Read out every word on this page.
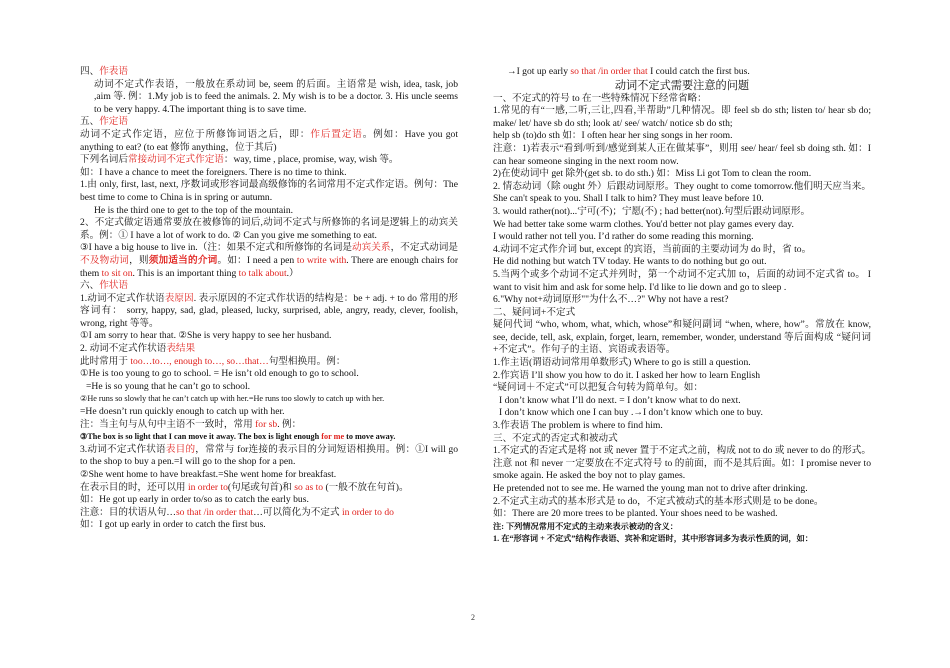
四、作表语

动词不定式作表语，一般放在系动词 be, seem 的后面。主语常是 wish, idea, task, job ,aim 等. 例：1.My job is to feed the animals. 2. My wish is to be a doctor. 3. His uncle seems to be very happy. 4.The important thing is to save time.

五、作定语

动词不定式作定语，应位于所修饰词语之后，即：作后置定语。例如：Have you got anything to eat? (to eat 修饰 anything，位于其后)

下列名词后常接动词不定式作定语：way, time , place, promise, way, wish 等。

如：I have a chance to meet the foreigners. There is no time to think.

1.由 only, first, last, next, 序数词或形容词最高级修饰的名词常用不定式作定语。例句：The best time to come to China is in spring or autumn.

He is the third one to get to the top of the mountain.

2、不定式做定语通常要放在被修饰的词后,动词不定式与所修饰的名词是逻辑上的动宾关系。例：① I have a lot of work to do. ② Can you give me something to eat.

③I have a big house to live in.（注：如果不定式和所修饰的名词是动宾关系，不定式动词是不及物动词，则须加适当的介词。如：I need a pen to write with. There are enough chairs for them to sit on. This is an important thing to talk about.）

六、作状语

1.动词不定式作状语表原因. 表示原因的不定式作状语的结构是：be + adj. + to do 常用的形容词有： sorry, happy, sad, glad, pleased, lucky, surprised, able, angry, ready, clever, foolish, wrong, right 等等。

①I am sorry to hear that. ②She is very happy to see her husband.

2. 动词不定式作状语表结果

此时常用于 too…to…, enough to…, so…that…句型相换用。例：

①He is too young to go to school. = He isn’t old enough to go to school.

=He is so young that he can’t go to school.

②He runs so slowly that he can’t catch up with her.=He runs too slowly to catch up with her.

=He doesn’t run quickly enough to catch up with her.

注：当主句与从句中主语不一致时，常用 for sb. 例：

③The box is so light that I can move it away. The box is light enough for me to move away.

3.动词不定式作状语表目的，常常与 for连接的表示目的分词短语相换用。例：①I will go to the shop to buy a pen.=I will go to the shop for a pen.

②She went home to have breakfast.=She went home for breakfast.

在表示目的时，还可以用 in order to(句尾或句首)和 so as to (一般不放在句首)。

如：He got up early in order to/so as to catch the early bus.

注意：目的状语从句…so that /in order that…可以简化为不定式 in order to do

如：I got up early in order to catch the first bus.

→I got up early so that /in order that I could catch the first bus.

动词不定式需要注意的问题

一、不定式的符号 to 在一些特殊情况下经常省略：

1.常见的有“一感,二听,三让,四看,半帮助”几种情况。即 feel sb do sth; listen to/ hear sb do; make/ let/ have sb do sth; look at/ see/ watch/ notice sb do sth;

help sb (to)do sth 如：I often hear her sing songs in her room.

注意：1)若表示“看到/听到/感觉到某人正在做某事”，则用 see/ hear/ feel sb doing sth. 如：I can hear someone singing in the next room now.

2)在使动词中 get 除外(get sb. to do sth.) 如：Miss Li got Tom to clean the room.

2. 情态动词（除 ought 外）后跟动词原形。They ought to come tomorrow.他们明天应当来。She can't speak to you. Shall I talk to him? They must leave before 10.

3. would rather(not)...宁可(不)；宁愿(不) ; had better(not).句型后跟动词原形。

We had better take some warm clothes. You'd better not play games every day.

I would rather not tell you. I’d rather do some reading this morning.

4.动词不定式作介词 but, except 的宾语，当前面的主要动词为 do 时，省 to。

He did nothing but watch TV today. He wants to do nothing but go out.

5.当两个或多个动词不定式并列时，第一个动词不定式加 to，后面的动词不定式省 to。 I want to visit him and ask for some help. I'd like to lie down and go to sleep .

6."Why not+动词原形""为什么不…?" Why not have a rest?

二、疑问词+不定式

疑问代词 “who, whom, what, which, whose”和疑问副词 “when, where, how”。常放在 know, see, decide, tell, ask, explain, forget, learn, remember, wonder, understand 等后面构成 “疑问词+不定式”。作句子的主语、宾语或表语等。

1.作主语(谓语动词常用单数形式) Where to go is still a question.

2.作宾语 I’ll show you how to do it. I asked her how to learn English

“疑问词＋不定式”可以把复合句转为简单句。如：

I don’t know what I’ll do next. = I don’t know what to do next.

I don’t know which one I can buy .→I don’t know which one to buy.

3.作表语 The problem is where to find him.

三、不定式的否定式和被动式

1.不定式的否定式是将 not 或 never 置于不定式之前，构成 not to do 或 never to do 的形式。注意 not 和 never 一定要放在不定式符号 to 的前面，而不是其后面。如：I promise never to smoke again. He asked the boy not to play games.

He pretended not to see me. He warned the young man not to drive after drinking.

2.不定式主动式的基本形式是 to do，不定式被动式的基本形式则是 to be done。

如：There are 20 more trees to be planted. Your shoes need to be washed.

注: 下列情况常用不定式的主动来表示被动的含义：

1. 在“形容词 + 不定式”结构作表语、宾补和定语时，其中形容词多为表示性质的词，如：

2
